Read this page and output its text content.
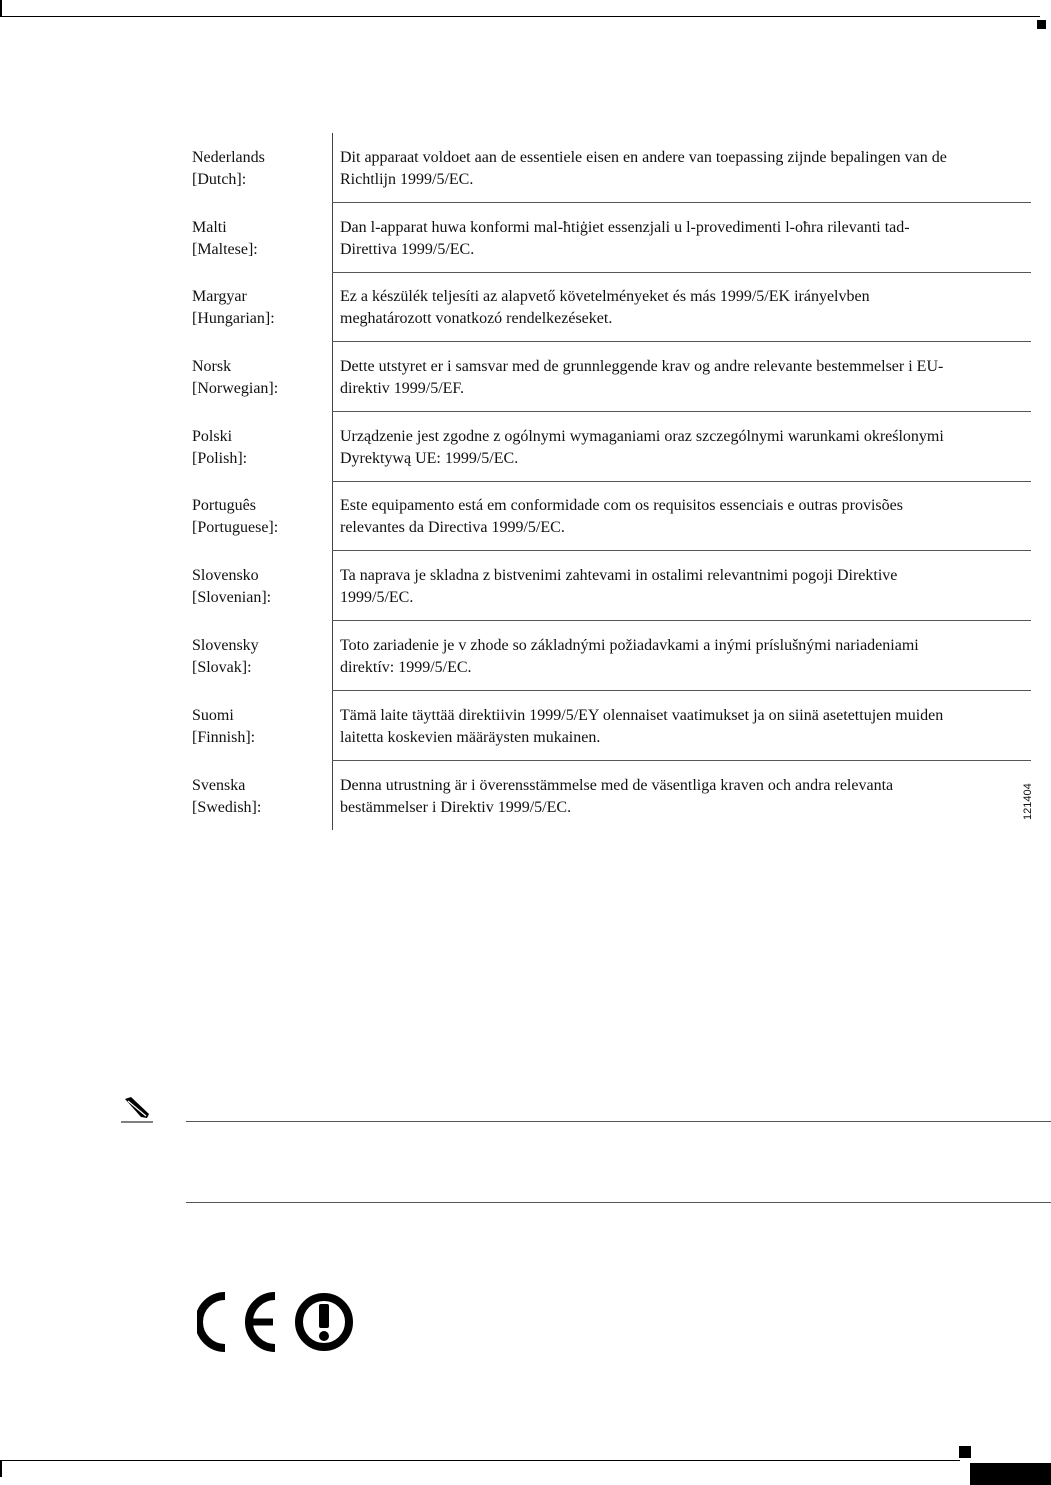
Nederlands
[Dutch]:
Dit apparaat voldoet aan de essentiele eisen en andere van toepassing zijnde bepalingen van de
Richtlijn 1999/5/EC.
Malti
[Maltese]:
Dan l-apparat huwa konformi mal-ħtiġiet essenzjali u l-provedimenti l-oħra rilevanti tad-
Direttiva 1999/5/EC.
Margyar
[Hungarian]:
Ez a készülék teljesíti az alapvető követelményeket és más 1999/5/EK irányelvben
meghatározott vonatkozó rendelkezéseket.
Norsk
[Norwegian]:
Dette utstyret er i samsvar med de grunnleggende krav og andre relevante bestemmelser i EU-
direktiv 1999/5/EF.
Polski
[Polish]:
Urządzenie jest zgodne z ogólnymi wymaganiami oraz szczególnymi warunkami określonymi
Dyrektywą UE: 1999/5/EC.
Português
[Portuguese]:
Este equipamento está em conformidade com os requisitos essenciais e outras provisões
relevantes da Directiva 1999/5/EC.
Slovensko
[Slovenian]:
Ta naprava je skladna z bistvenimi zahtevami in ostalimi relevantnimi pogoji Direktive
1999/5/EC.
Slovensky
[Slovak]:
Toto zariadenie je v zhode so základnými požiadavkami a inými príslušnými nariadeniami
direktív: 1999/5/EC.
Suomi
[Finnish]:
Tämä laite täyttää direktiivin 1999/5/EY olennaiset vaatimukset ja on siinä asetettujen muiden
laitetta koskevien määräysten mukainen.
Svenska
[Swedish]:
Denna utrustning är i överensstämmelse med de väsentliga kraven och andra relevanta
bestämmelser i Direktiv 1999/5/EC.	121404
